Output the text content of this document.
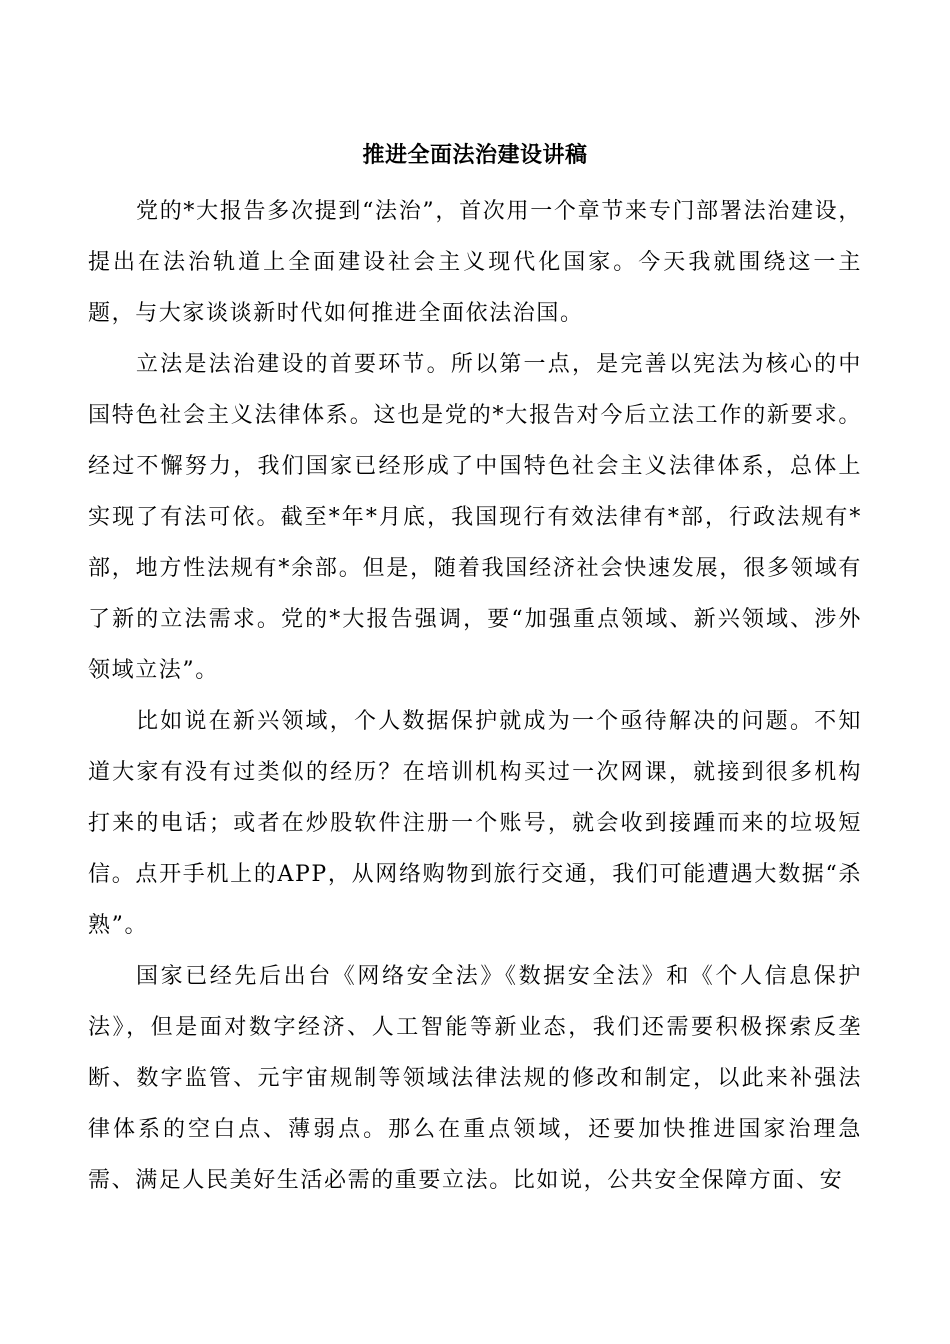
推进全面法治建设讲稿

党的*大报告多次提到“法治”，首次用一个章节来专门部署法治建设，提出在法治轨道上全面建设社会主义现代化国家。今天我就围绕这一主题，与大家谈谈新时代如何推进全面依法治国。

立法是法治建设的首要环节。所以第一点，是完善以宪法为核心的中国特色社会主义法律体系。这也是党的*大报告对今后立法工作的新要求。经过不懈努力，我们国家已经形成了中国特色社会主义法律体系，总体上实现了有法可依。截至*年*月底，我国现行有效法律有*部，行政法规有*部，地方性法规有*余部。但是，随着我国经济社会快速发展，很多领域有了新的立法需求。党的*大报告强调，要“加强重点领域、新兴领域、涉外领域立法”。

比如说在新兴领域，个人数据保护就成为一个亟待解决的问题。不知道大家有没有过类似的经历？在培训机构买过一次网课，就接到很多机构打来的电话；或者在炒股软件注册一个账号，就会收到接踵而来的垃圾短信。点开手机上的APP，从网络购物到旅行交通，我们可能遭遇大数据“杀熟”。

国家已经先后出台《网络安全法》《数据安全法》和《个人信息保护法》，但是面对数字经济、人工智能等新业态，我们还需要积极探索反垄断、数字监管、元宇宙规制等领域法律法规的修改和制定，以此来补强法律体系的空白点、薄弱点。那么在重点领域，还要加快推进国家治理急需、满足人民美好生活必需的重要立法。比如说，公共安全保障方面、安
